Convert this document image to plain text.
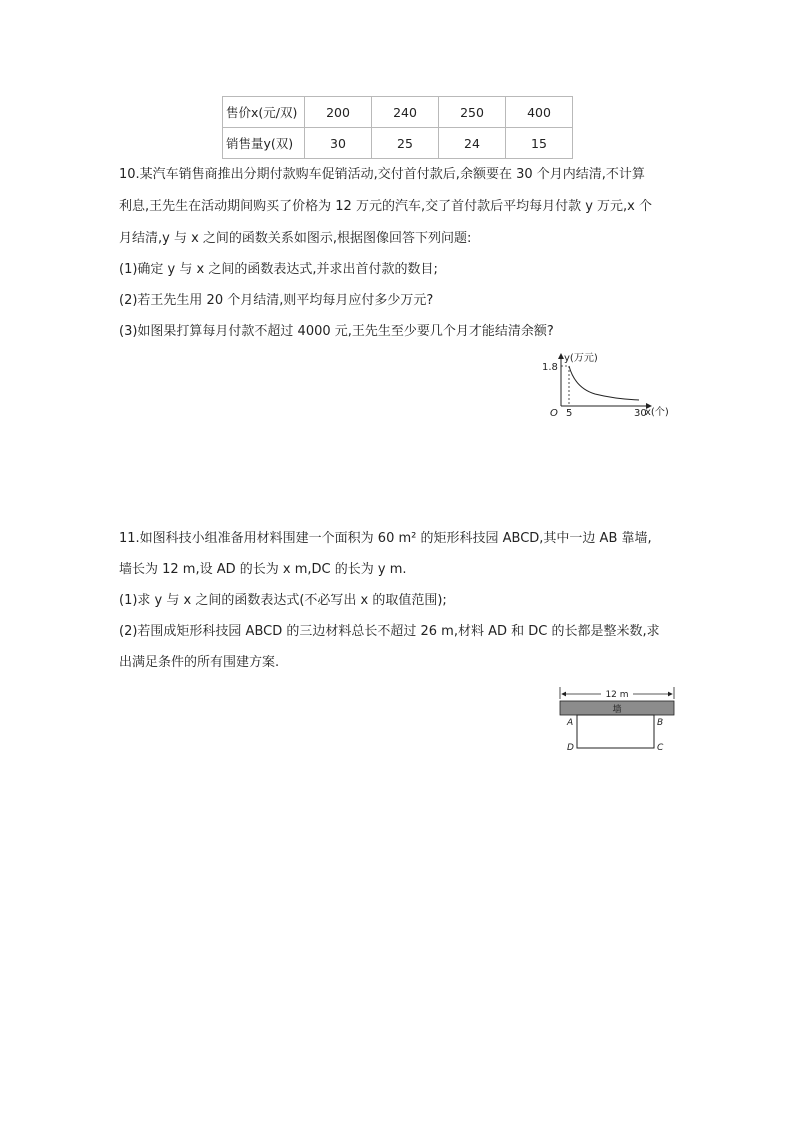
售价x(元/双)	200	240	250	400
销售量y(双)	30	25	24	15
10.某汽车销售商推出分期付款购车促销活动,交付首付款后,余额要在 30 个月内结清,不计算
利息,王先生在活动期间购买了价格为 12 万元的汽车,交了首付款后平均每月付款 y 万元,x 个
月结清,y 与 x 之间的函数关系如图示,根据图像回答下列问题:
(1)确定 y 与 x 之间的函数表达式,并求出首付款的数目;
(2)若王先生用 20 个月结清,则平均每月应付多少万元?
(3)如图果打算每月付款不超过 4000 元,王先生至少要几个月才能结清余额?
y(万元)
x(个)
1.8
5	30
O
11.如图科技小组准备用材料围建一个面积为 60 m² 的矩形科技园 ABCD,其中一边 AB 靠墙,
墙长为 12 m,设 AD 的长为 x m,DC 的长为 y m.
(1)求 y 与 x 之间的函数表达式(不必写出 x 的取值范围);
(2)若围成矩形科技园 ABCD 的三边材料总长不超过 26 m,材料 AD 和 DC 的长都是整米数,求
出满足条件的所有围建方案.
12 m
墙
A	B
D	C
